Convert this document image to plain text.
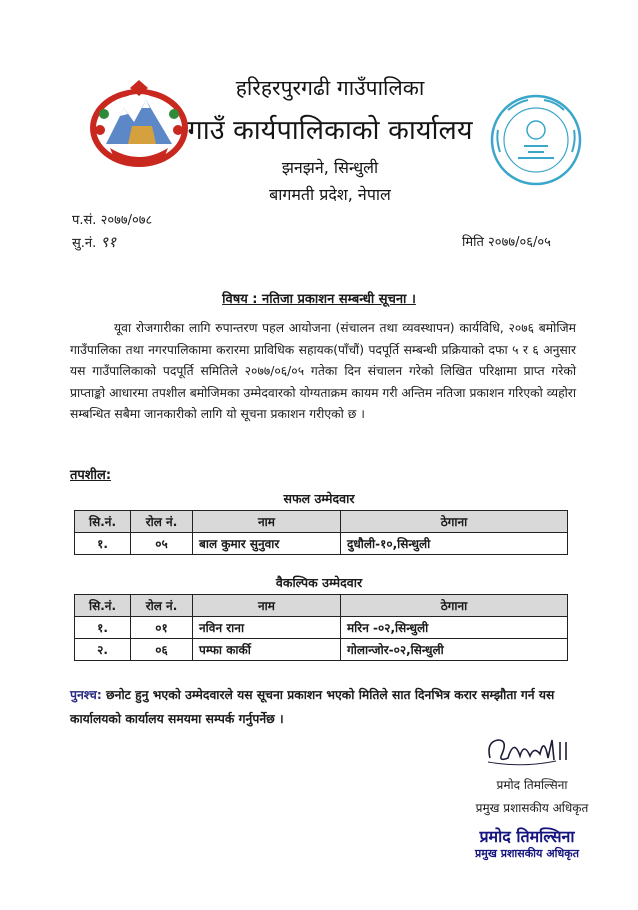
हरिहरपुरगढी गाउँपालिका
गाउँ कार्यपालिकाको कार्यालय
झनझने, सिन्धुली
बागमती प्रदेश, नेपाल
प.सं. २०७७/०७८
सु.नं. ९१	मिति २०७७/०६/०५
विषय : नतिजा प्रकाशन सम्बन्धी सूचना ।

यूवा रोजगारीका लागि रुपान्तरण पहल आयोजना (संचालन तथा व्यवस्थापन) कार्यविधि, २०७६ बमोजिम गाउँपालिका तथा नगरपालिकामा करारमा प्राविधिक सहायक(पाँचौं) पदपूर्ति सम्बन्धी प्रक्रियाको दफा ५ र ६ अनुसार यस गाउँपालिकाको पदपूर्ति समितिले २०७७/०६/०५ गतेका दिन संचालन गरेको लिखित परिक्षामा प्राप्त गरेको प्राप्ताङ्को आधारमा तपशील बमोजिमका उम्मेदवारको योग्यताक्रम कायम गरी अन्तिम नतिजा प्रकाशन गरिएको व्यहोरा सम्बन्धित सबैमा जानकारीको लागि यो सूचना प्रकाशन गरीएको छ ।

तपशील:
सफल उम्मेदवार
सि.नं.	रोल नं.	नाम	ठेगाना
१.	०५	बाल कुमार सुनुवार	दुधौली-१०,सिन्धुली
वैकल्पिक उम्मेदवार
सि.नं.	रोल नं.	नाम	ठेगाना
१.	०१	नविन राना	मरिन -०२,सिन्धुली
२.	०६	पम्फा कार्की	गोलान्जोर-०२,सिन्धुली

पुनश्च: छनोट हुनु भएको उम्मेदवारले यस सूचना प्रकाशन भएको मितिले सात दिनभित्र करार सम्झौता गर्न यस कार्यालयको कार्यालय समयमा सम्पर्क गर्नुपर्नेछ ।

प्रमोद तिमल्सिना
प्रमुख प्रशासकीय अधिकृत
प्रमोद तिमल्सिना
प्रमुख प्रशासकीय अधिकृत
